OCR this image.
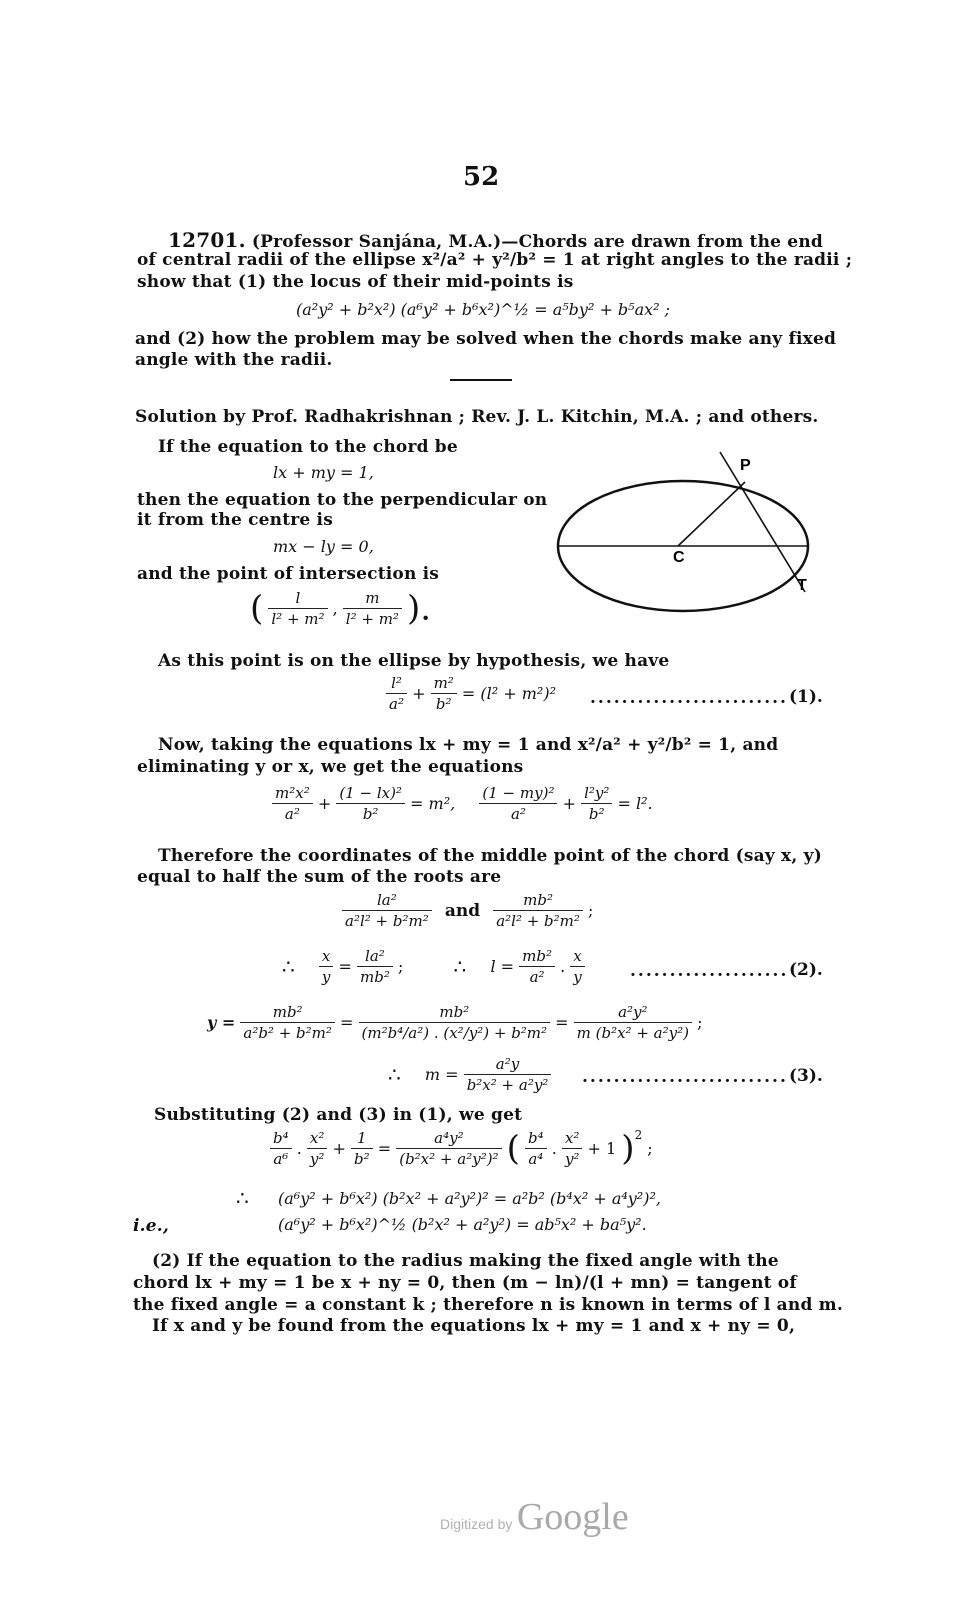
52
12701. (Professor Sanjána, M.A.)—Chords are drawn from the end
of central radii of the ellipse x²/a² + y²/b² = 1 at right angles to the radii ;
show that (1) the locus of their mid-points is
(a²y² + b²x²) (a⁶y² + b⁶x²)^½ = a⁵by² + b⁵ax² ;
and (2) how the problem may be solved when the chords make any fixed
angle with the radii.
Solution by Prof. Radhakrishnan ; Rev. J. L. Kitchin, M.A. ; and others.
If the equation to the chord be
lx + my = 1,
then the equation to the perpendicular on
it from the centre is
mx − ly = 0,
and the point of intersection is
( $\frac{l}{\text{l² + m²}}$ , $\frac{m}{\text{l² + m²}}$ ).
P
C
T
As this point is on the ellipse by hypothesis, we have
$\frac{\text{l²}}{\text{a²}} + \frac{\text{m²}}{\text{b²}} = (l^2 + m^2)^2$ ......................... (1).
Now, taking the equations lx + my = 1 and x²/a² + y²/b² = 1, and
eliminating y or x, we get the equations
$\frac{\text{m²x²}}{\text{a²}} + \frac{\text{(1 − lx)²}}{\text{b²}} = m^2$, $\frac{\text{(1 − my)²}}{\text{a²}} + \frac{\text{l²y²}}{\text{b²}} = l^2$.
Therefore the coordinates of the middle point of the chord (say x, y)
equal to half the sum of the roots are
$\frac{\text{la²}}{\text{a²l² + b²m²}}$ and $\frac{\text{mb²}}{\text{a²l² + b²m²}}$ ;
∴ $\frac{x}{y} = \frac{\text{la²}}{\text{mb²}}$ ;	∴ $l = \frac{\text{mb²}}{\text{a²}}$ . $\frac{x}{y}$	.................... (2).
$y = \frac{\text{mb²}}{\text{a²b² + b²m²}} = \frac{\text{mb²}}{\text{(m²b⁴/a²) . (x²/y²) + b²m²}} = \frac{\text{a²y²}}{\text{m (b²x² + a²y²)}}$ ;
∴ $m = \frac{\text{a²y}}{\text{b²x² + a²y²}}$ .......................... (3).
Substituting (2) and (3) in (1), we get
$\frac{\text{b⁴}}{\text{a⁶}}$ . $\frac{\text{x²}}{\text{y²}} + \frac{1}{\text{b²}} = \frac{\text{a⁴y²}}{\text{(b²x² + a²y²)²}}$ ( $\frac{\text{b⁴}}{\text{a⁴}}$ . $\frac{\text{x²}}{\text{y²}} + 1$ )$^2$ ;
∴ (a⁶y² + b⁶x²) (b²x² + a²y²)² = a²b² (b⁴x² + a⁴y²)²,
i.e.,	(a⁶y² + b⁶x²)^½ (b²x² + a²y²) = ab⁵x² + ba⁵y².
(2) If the equation to the radius making the fixed angle with the
chord lx + my = 1 be x + ny = 0, then (m − ln)/(l + mn) = tangent of
the fixed angle = a constant k ; therefore n is known in terms of l and m.
If x and y be found from the equations lx + my = 1 and x + ny = 0,
Digitized by Google
